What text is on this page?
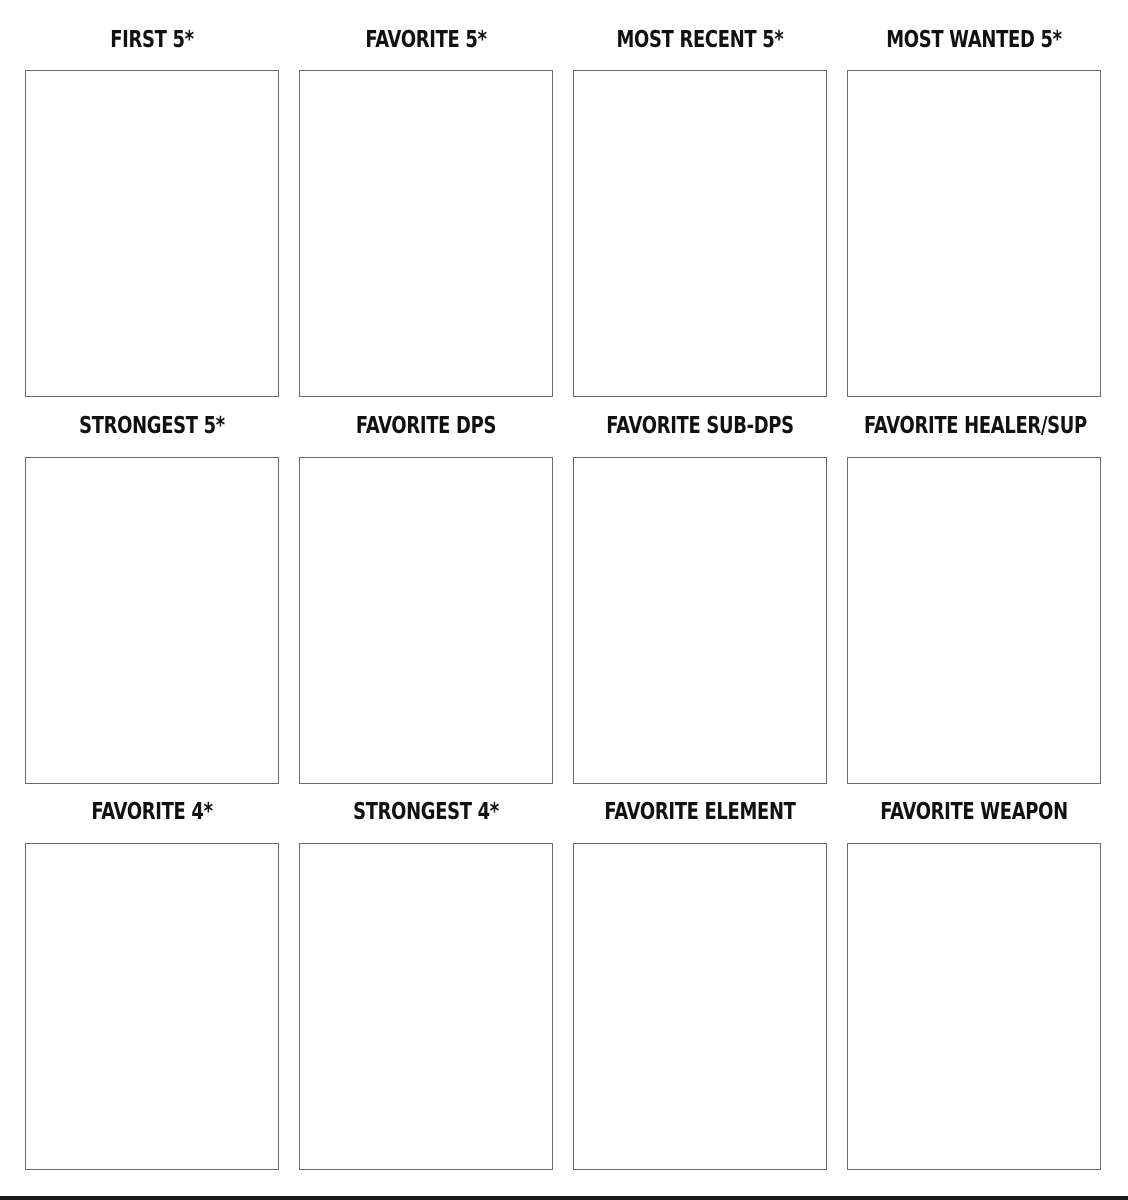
FIRST 5*	FAVORITE 5*	MOST RECENT 5*	MOST WANTED 5*
STRONGEST 5*	FAVORITE DPS	FAVORITE SUB-DPS	FAVORITE HEALER/SUP
FAVORITE 4*	STRONGEST 4*	FAVORITE ELEMENT	FAVORITE WEAPON
